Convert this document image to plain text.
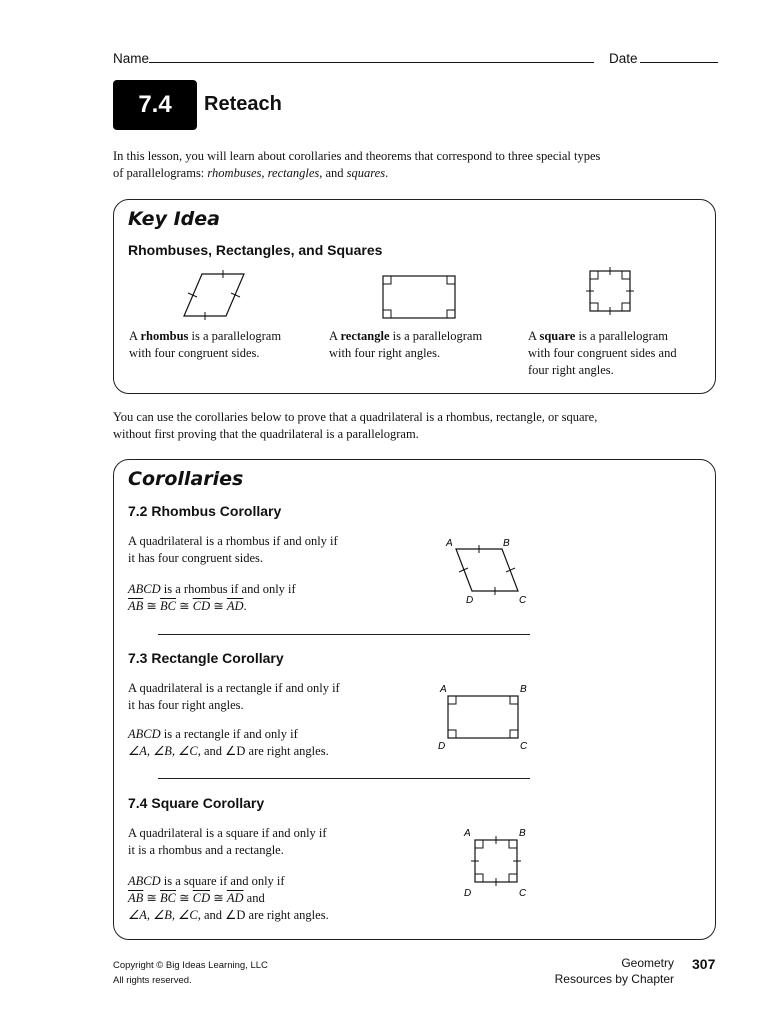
Name	Date
7.4 Reteach
In this lesson, you will learn about corollaries and theorems that correspond to three special types
of parallelograms: rhombuses, rectangles, and squares.
Key Idea
Rhombuses, Rectangles, and Squares
A rhombus is a parallelogram
with four congruent sides.
A rectangle is a parallelogram
with four right angles.
A square is a parallelogram
with four congruent sides and
four right angles.
You can use the corollaries below to prove that a quadrilateral is a rhombus, rectangle, or square,
without first proving that the quadrilateral is a parallelogram.
Corollaries
7.2 Rhombus Corollary
A quadrilateral is a rhombus if and only if
it has four congruent sides.
ABCD is a rhombus if and only if
$\overline{AB}$ ≅ $\overline{BC}$ ≅ $\overline{CD}$ ≅ $\overline{AD}$.
A	B
C
D
7.3 Rectangle Corollary
A quadrilateral is a rectangle if and only if
it has four right angles.
ABCD is a rectangle if and only if
∠A, ∠B, ∠C, and ∠D are right angles.
A	B
C
D
7.4 Square Corollary
A quadrilateral is a square if and only if
it is a rhombus and a rectangle.
ABCD is a square if and only if
$\overline{AB}$ ≅ $\overline{BC}$ ≅ $\overline{CD}$ ≅ $\overline{AD}$ and
∠A, ∠B, ∠C, and ∠D are right angles.
A	B
C
D
Copyright © Big Ideas Learning, LLC
All rights reserved.
Geometry
Resources by Chapter
307
